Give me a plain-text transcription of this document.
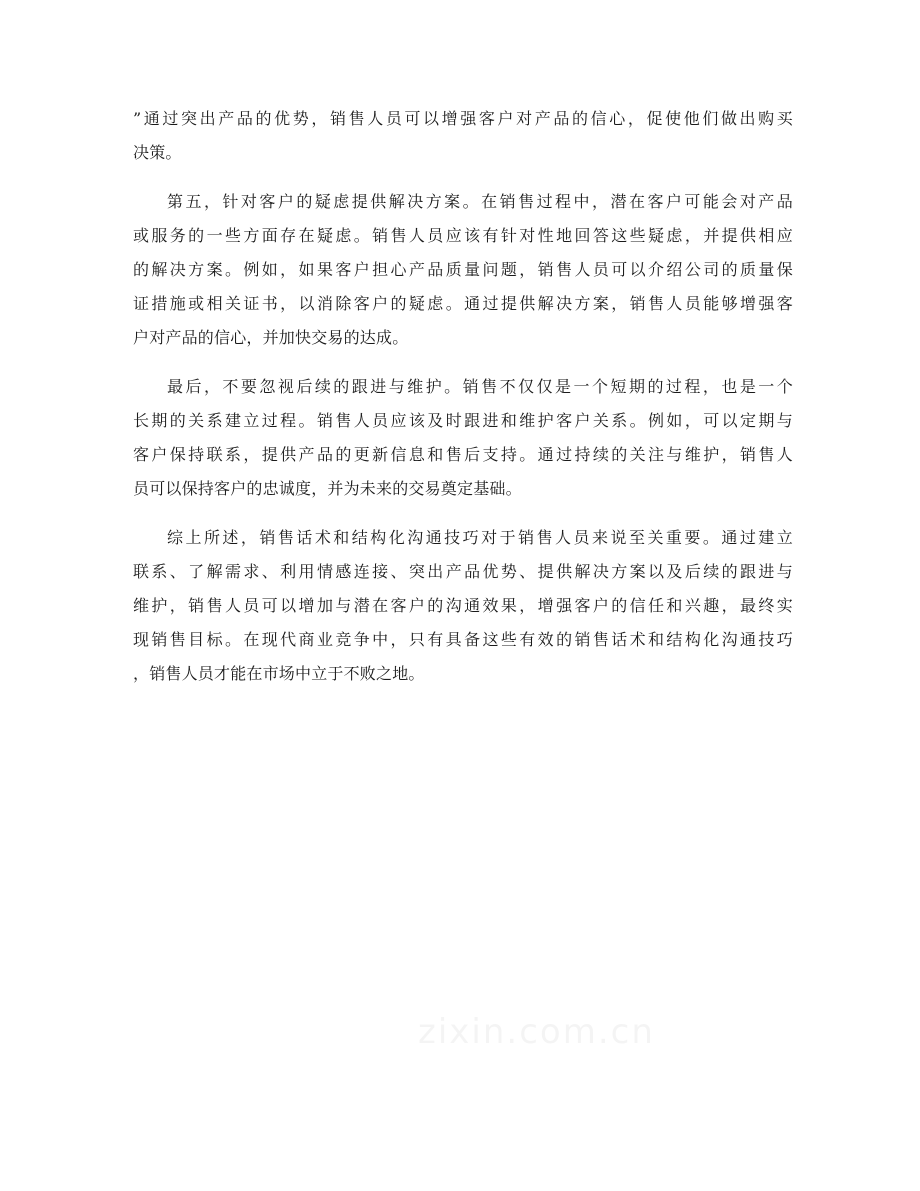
”通过突出产品的优势，销售人员可以增强客户对产品的信心，促使他们做出购买
决策。
第五，针对客户的疑虑提供解决方案。在销售过程中，潜在客户可能会对产品
或服务的一些方面存在疑虑。销售人员应该有针对性地回答这些疑虑，并提供相应
的解决方案。例如，如果客户担心产品质量问题，销售人员可以介绍公司的质量保
证措施或相关证书，以消除客户的疑虑。通过提供解决方案，销售人员能够增强客
户对产品的信心，并加快交易的达成。
最后，不要忽视后续的跟进与维护。销售不仅仅是一个短期的过程，也是一个
长期的关系建立过程。销售人员应该及时跟进和维护客户关系。例如，可以定期与
客户保持联系，提供产品的更新信息和售后支持。通过持续的关注与维护，销售人
员可以保持客户的忠诚度，并为未来的交易奠定基础。
综上所述，销售话术和结构化沟通技巧对于销售人员来说至关重要。通过建立
联系、了解需求、利用情感连接、突出产品优势、提供解决方案以及后续的跟进与
维护，销售人员可以增加与潜在客户的沟通效果，增强客户的信任和兴趣，最终实
现销售目标。在现代商业竞争中，只有具备这些有效的销售话术和结构化沟通技巧
，销售人员才能在市场中立于不败之地。
